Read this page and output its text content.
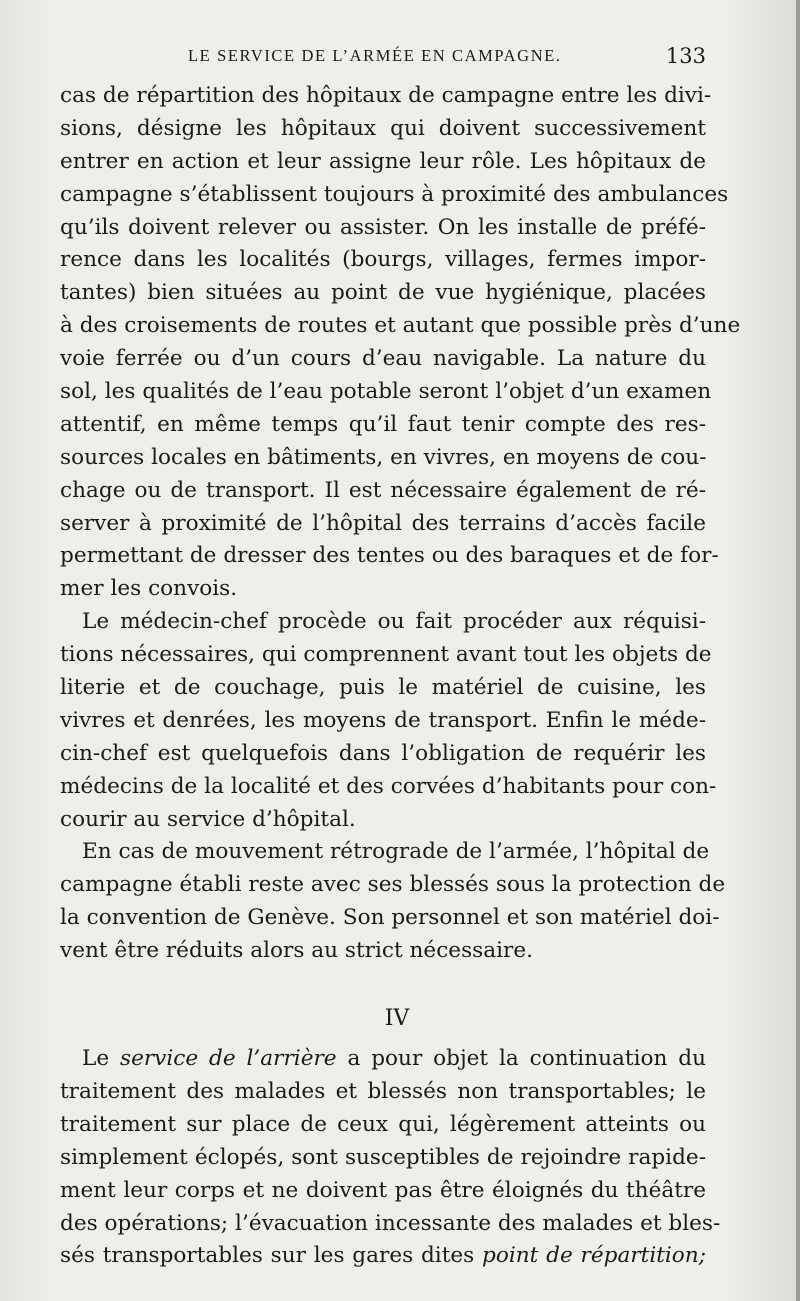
LE SERVICE DE L’ARMÉE EN CAMPAGNE.	133
cas de répartition des hôpitaux de campagne entre les divi-
sions, désigne les hôpitaux qui doivent successivement
entrer en action et leur assigne leur rôle. Les hôpitaux de
campagne s’établissent toujours à proximité des ambulances
qu’ils doivent relever ou assister. On les installe de préfé-
rence dans les localités (bourgs, villages, fermes impor-
tantes) bien situées au point de vue hygiénique, placées
à des croisements de routes et autant que possible près d’une
voie ferrée ou d’un cours d’eau navigable. La nature du
sol, les qualités de l’eau potable seront l’objet d’un examen
attentif, en même temps qu’il faut tenir compte des res-
sources locales en bâtiments, en vivres, en moyens de cou-
chage ou de transport. Il est nécessaire également de ré-
server à proximité de l’hôpital des terrains d’accès facile
permettant de dresser des tentes ou des baraques et de for-
mer les convois.
Le médecin-chef procède ou fait procéder aux réquisi-
tions nécessaires, qui comprennent avant tout les objets de
literie et de couchage, puis le matériel de cuisine, les
vivres et denrées, les moyens de transport. Enfin le méde-
cin-chef est quelquefois dans l’obligation de requérir les
médecins de la localité et des corvées d’habitants pour con-
courir au service d’hôpital.
En cas de mouvement rétrograde de l’armée, l’hôpital de
campagne établi reste avec ses blessés sous la protection de
la convention de Genève. Son personnel et son matériel doi-
vent être réduits alors au strict nécessaire.
IV
Le service de l’arrière a pour objet la continuation du
traitement des malades et blessés non transportables; le
traitement sur place de ceux qui, légèrement atteints ou
simplement éclopés, sont susceptibles de rejoindre rapide-
ment leur corps et ne doivent pas être éloignés du théâtre
des opérations; l’évacuation incessante des malades et bles-
sés transportables sur les gares dites point de répartition;
